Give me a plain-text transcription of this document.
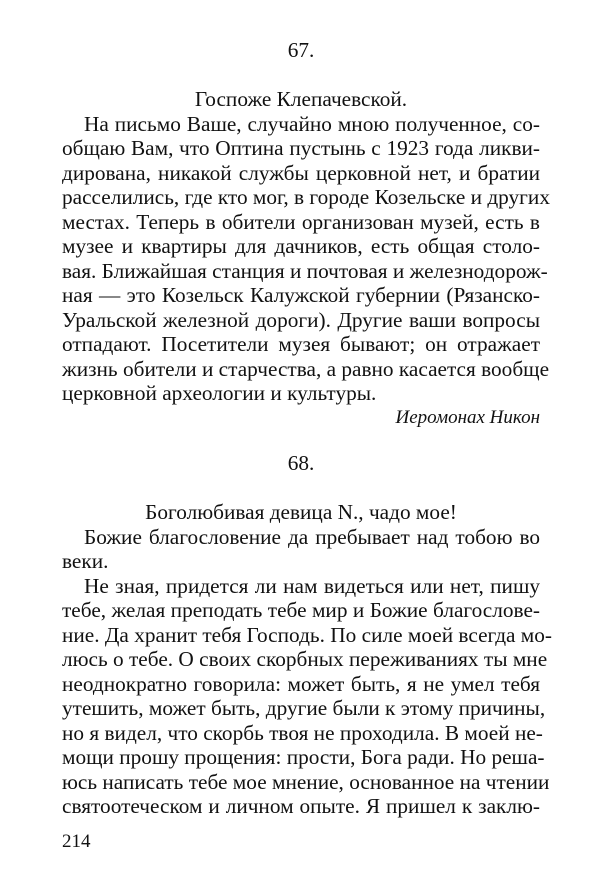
67.
Госпоже Клепачевской.
На письмо Ваше, случайно мною полученное, со-
общаю Вам, что Оптина пустынь с 1923 года ликви-
дирована, никакой службы церковной нет, и братии
расселились, где кто мог, в городе Козельске и других
местах. Теперь в обители организован музей, есть в
музее и квартиры для дачников, есть общая столо-
вая. Ближайшая станция и почтовая и железнодорож-
ная — это Козельск Калужской губернии (Рязанско-
Уральской железной дороги). Другие ваши вопросы
отпадают. Посетители музея бывают; он отражает
жизнь обители и старчества, а равно касается вообще
церковной археологии и культуры.
Иеромонах Никон
68.
Боголюбивая девица N., чадо мое!
Божие благословение да пребывает над тобою во
веки.
Не зная, придется ли нам видеться или нет, пишу
тебе, желая преподать тебе мир и Божие благослове-
ние. Да хранит тебя Господь. По силе моей всегда мо-
люсь о тебе. О своих скорбных переживаниях ты мне
неоднократно говорила: может быть, я не умел тебя
утешить, может быть, другие были к этому причины,
но я видел, что скорбь твоя не проходила. В моей не-
мощи прошу прощения: прости, Бога ради. Но реша-
юсь написать тебе мое мнение, основанное на чтении
святоотеческом и личном опыте. Я пришел к заклю-
214
